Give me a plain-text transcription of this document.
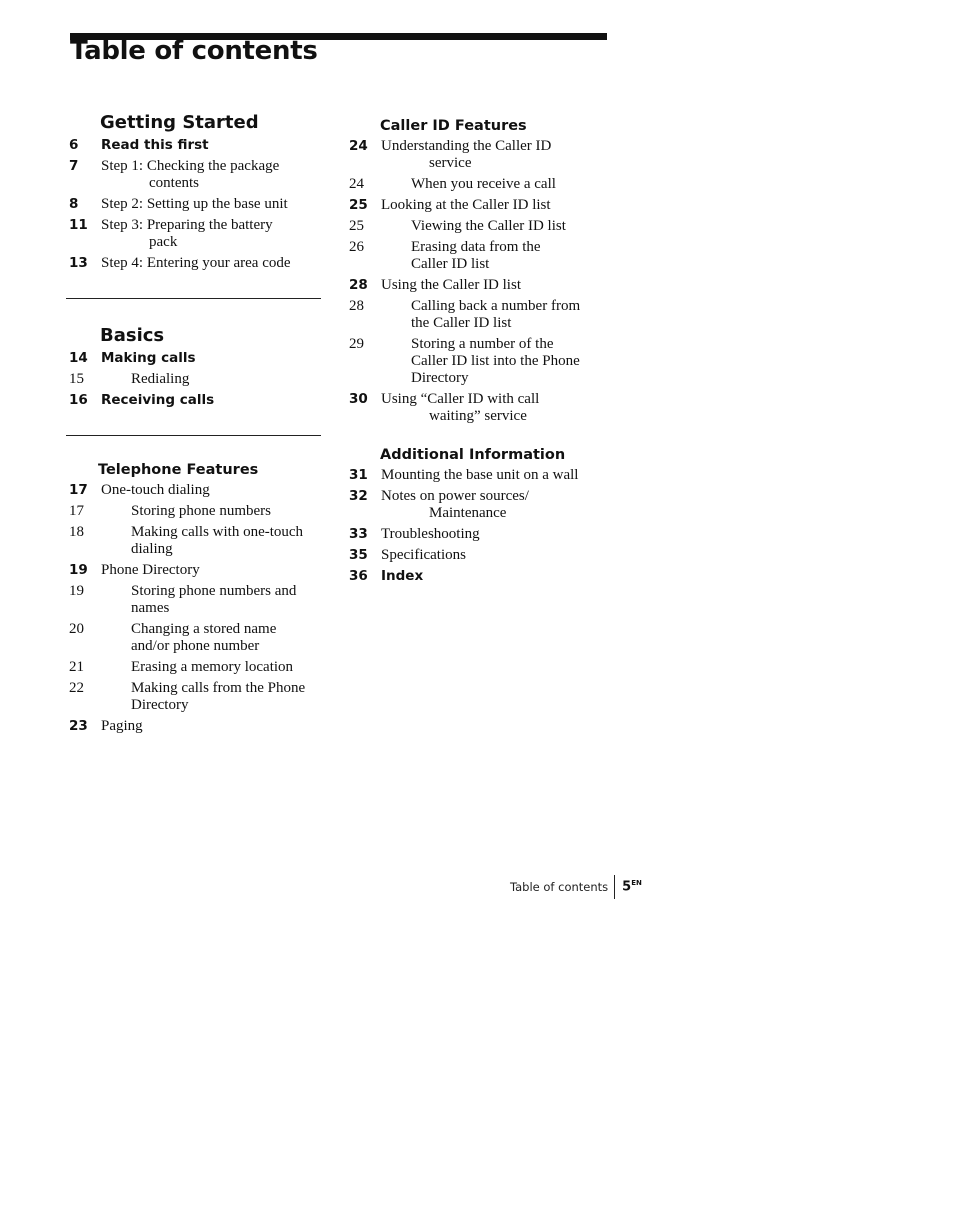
Table of contents
Getting Started
6	Read this first
7	Step 1: Checking the package
contents
8	Step 2: Setting up the base unit
11 Step 3: Preparing the battery
pack
13 Step 4: Entering your area code
Basics
14 Making calls
15	Redialing
16 Receiving calls
Telephone Features
17 One-touch dialing
17	Storing phone numbers
18	Making calls with one-touch
dialing
19 Phone Directory
19	Storing phone numbers and
names
20	Changing a stored name
and/or phone number
21	Erasing a memory location
22	Making calls from the Phone
Directory
23 Paging
Caller ID Features
24 Understanding the Caller ID
service
24	When you receive a call
25 Looking at the Caller ID list
25	Viewing the Caller ID list
26	Erasing data from the
Caller ID list
28 Using the Caller ID list
28	Calling back a number from
the Caller ID list
29	Storing a number of the
Caller ID list into the Phone
Directory
30 Using “Caller ID with call
waiting” service
Additional Information
31 Mounting the base unit on a wall
32 Notes on power sources/
Maintenance
33 Troubleshooting
35 Specifications
36 Index
Table of contents 5$^{EN}$
